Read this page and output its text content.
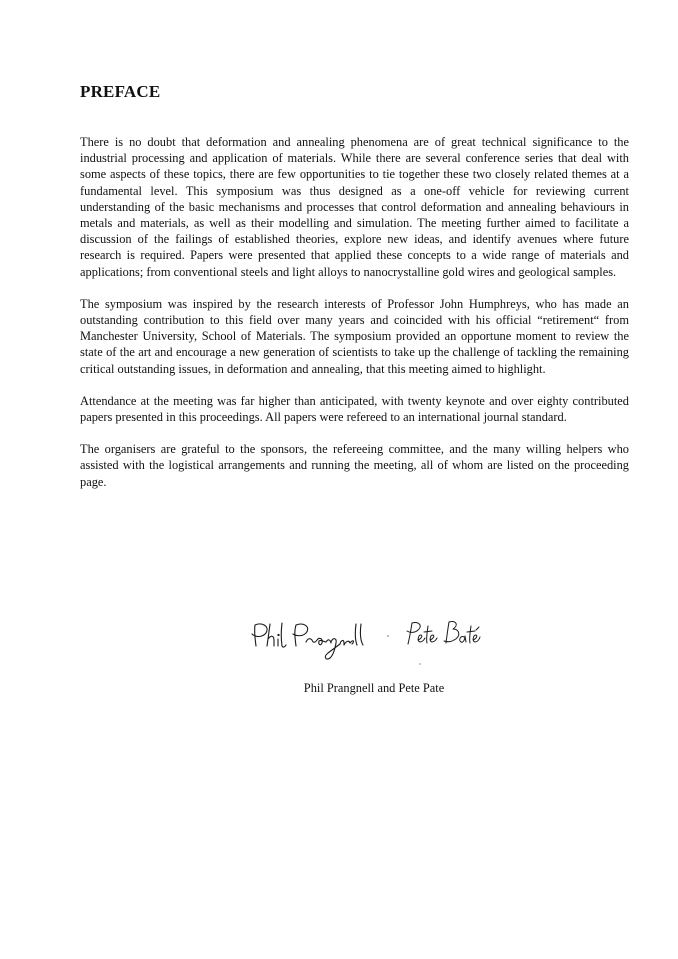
PREFACE

There is no doubt that deformation and annealing phenomena are of great technical significance to the industrial processing and application of materials. While there are several conference series that deal with some aspects of these topics, there are few opportunities to tie together these two closely related themes at a fundamental level. This symposium was thus designed as a one-off vehicle for reviewing current understanding of the basic mechanisms and processes that control deformation and annealing behaviours in metals and materials, as well as their modelling and simulation. The meeting further aimed to facilitate a discussion of the failings of established theories, explore new ideas, and identify avenues where future research is required. Papers were presented that applied these concepts to a wide range of materials and applications; from conventional steels and light alloys to nanocrystalline gold wires and geological samples.

The symposium was inspired by the research interests of Professor John Humphreys, who has made an outstanding contribution to this field over many years and coincided with his official “retirement“ from Manchester University, School of Materials. The symposium provided an opportune moment to review the state of the art and encourage a new generation of scientists to take up the challenge of tackling the remaining critical outstanding issues, in deformation and annealing, that this meeting aimed to highlight.

Attendance at the meeting was far higher than anticipated, with twenty keynote and over eighty contributed papers presented in this proceedings. All papers were refereed to an international journal standard.

The organisers are grateful to the sponsors, the refereeing committee, and the many willing helpers who assisted with the logistical arrangements and running the meeting, all of whom are listed on the proceeding page.

Phil Prangnell and Pete Pate
